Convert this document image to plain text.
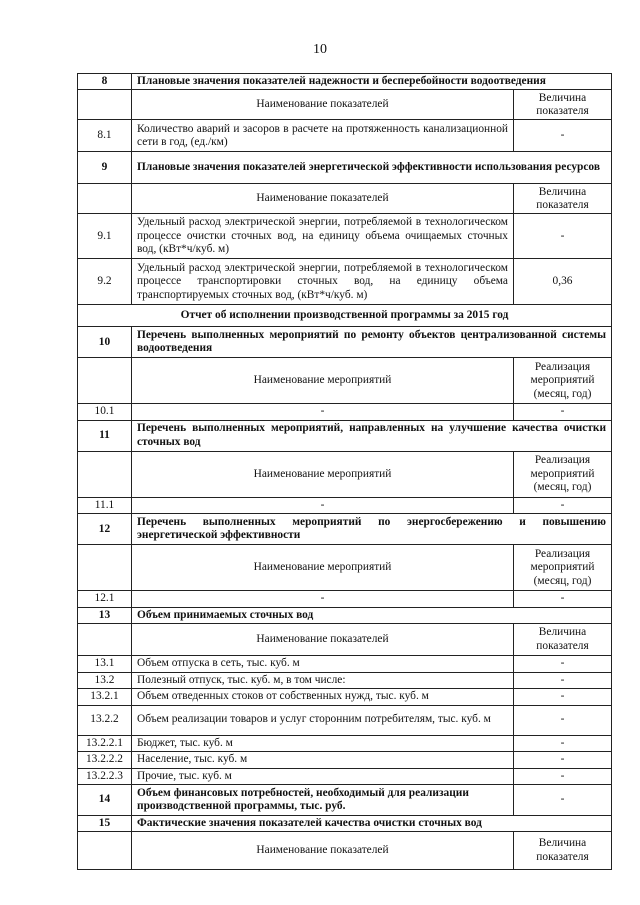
10
8	Плановые значения показателей надежности и бесперебойности водоотведения	
	Наименование показателей	Величина показателя
8.1	Количество аварий и засоров в расчете на протяженность канализационной сети в год, (ед./км)	-
9	Плановые значения показателей энергетической эффективности использования ресурсов	
	Наименование показателей	Величина показателя
9.1	Удельный расход электрической энергии, потребляемой в технологическом процессе очистки сточных вод, на единицу объема очищаемых сточных вод, (кВт*ч/куб. м)	-
9.2	Удельный расход электрической энергии, потребляемой в технологическом процессе транспортировки сточных вод, на единицу объема транспортируемых сточных вод, (кВт*ч/куб. м)	0,36
Отчет об исполнении производственной программы за 2015 год		
10	Перечень выполненных мероприятий по ремонту объектов централизованной системы водоотведения	
	Наименование мероприятий	Реализация мероприятий (месяц, год)
10.1	-	-
11	Перечень выполненных мероприятий, направленных на улучшение качества очистки сточных вод	
	Наименование мероприятий	Реализация мероприятий (месяц, год)
11.1	-	-
12	Перечень выполненных мероприятий по энергосбережению и повышению энергетической эффективности	
	Наименование мероприятий	Реализация мероприятий (месяц, год)
12.1	-	-
13	Объем принимаемых сточных вод	
	Наименование показателей	Величина показателя
13.1	Объем отпуска в сеть, тыс. куб. м	-
13.2	Полезный отпуск, тыс. куб. м, в том числе:	-
13.2.1	Объем отведенных стоков от собственных нужд, тыс. куб. м	-
13.2.2	Объем реализации товаров и услуг сторонним потребителям, тыс. куб. м	-
13.2.2.1	Бюджет, тыс. куб. м	-
13.2.2.2	Население, тыс. куб. м	-
13.2.2.3	Прочие, тыс. куб. м	-
14	Объем финансовых потребностей, необходимый для реализации производственной программы, тыс. руб.	-
15	Фактические значения показателей качества очистки сточных вод	
	Наименование показателей	Величина показателя
